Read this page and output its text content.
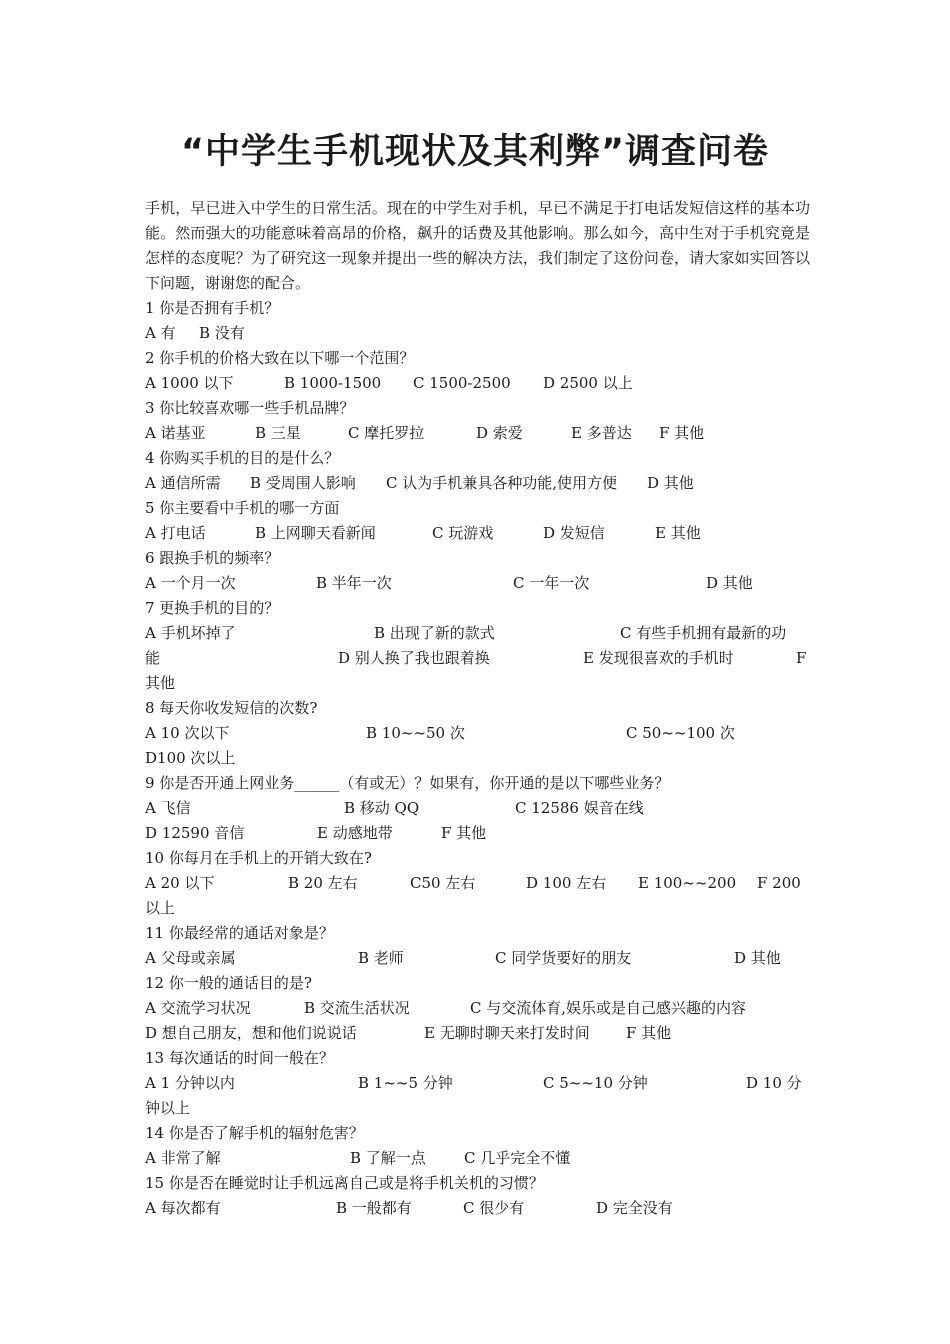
“中学生手机现状及其利弊”调查问卷

手机，早已进入中学生的日常生活。现在的中学生对手机，早已不满足于打电话发短信这样的基本功能。然而强大的功能意味着高昂的价格，飙升的话费及其他影响。那么如今，高中生对于手机究竟是怎样的态度呢？为了研究这一现象并提出一些的解决方法，我们制定了这份问卷，请大家如实回答以下问题，谢谢您的配合。

1 你是否拥有手机？
A 有 B 没有
2 你手机的价格大致在以下哪一个范围？
A 1000 以下	B 1000-1500 C 1500-2500 D 2500 以上
3 你比较喜欢哪一些手机品牌？
A 诺基亚	B 三星	C 摩托罗拉	D 索爱	E 多普达 F 其他
4 你购买手机的目的是什么？
A 通信所需 B 受周围人影响 C 认为手机兼具各种功能,使用方便 D 其他
5 你主要看中手机的哪一方面
A 打电话	B 上网聊天看新闻	C 玩游戏	D 发短信	E 其他
6 跟换手机的频率？
A 一个月一次	B 半年一次	C 一年一次	D 其他
7 更换手机的目的？
A 手机坏掉了	B 出现了新的款式	C 有些手机拥有最新的功
能	D 别人换了我也跟着换	E 发现很喜欢的手机时	F
其他
8 每天你收发短信的次数?
A 10 次以下	B 10~~50 次	C 50~~100 次
D100 次以上
9 你是否开通上网业务______（有或无）？如果有，你开通的是以下哪些业务？
A 飞信	B 移动 QQ	C 12586 娱音在线
D 12590 音信	E 动感地带	F 其他
10 你每月在手机上的开销大致在?
A 20 以下	B 20 左右	C50 左右	D 100 左右 E 100~~200 F 200
以上
11 你最经常的通话对象是？
A 父母或亲属	B 老师	C 同学货要好的朋友	D 其他
12 你一般的通话目的是?
A 交流学习状况	B 交流生活状况	C 与交流体育,娱乐或是自己感兴趣的内容
D 想自己朋友，想和他们说说话	E 无聊时聊天来打发时间 F 其他
13 每次通话的时间一般在？
A 1 分钟以内	B 1~~5 分钟	C 5~~10 分钟	D 10 分
钟以上
14 你是否了解手机的辐射危害？
A 非常了解	B 了解一点	C 几乎完全不懂
15 你是否在睡觉时让手机远离自己或是将手机关机的习惯？
A 每次都有	B 一般都有	C 很少有	D 完全没有
